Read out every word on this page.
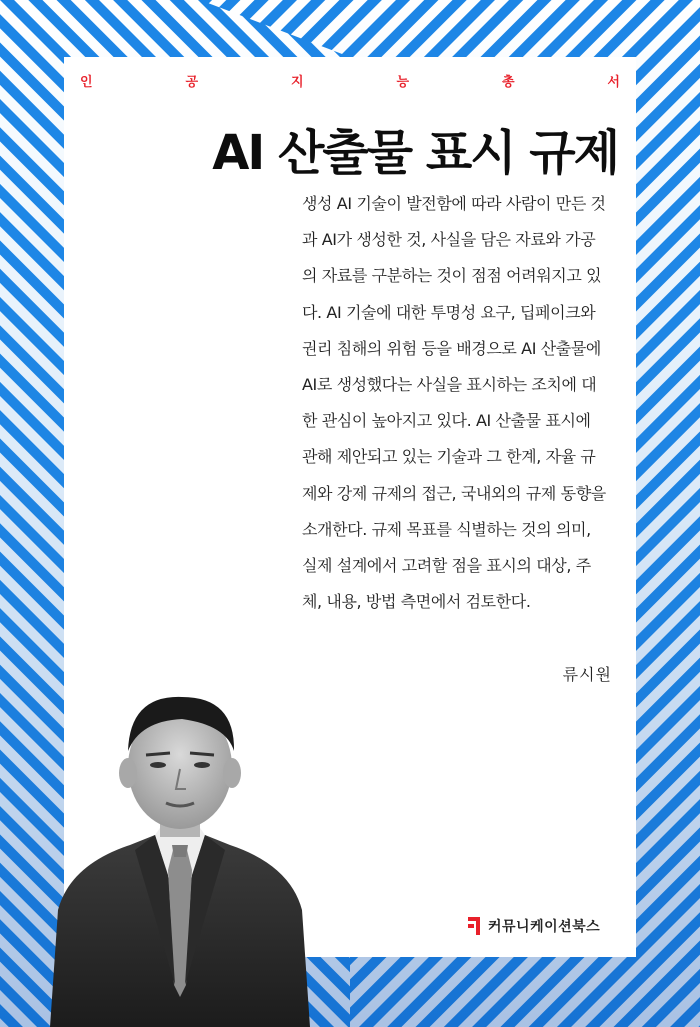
인	공	지	능	총	서
AI 산출물 표시 규제
생성 AI 기술이 발전함에 따라 사람이 만든 것
과 AI가 생성한 것, 사실을 담은 자료와 가공
의 자료를 구분하는 것이 점점 어려워지고 있
다. AI 기술에 대한 투명성 요구, 딥페이크와
권리 침해의 위험 등을 배경으로 AI 산출물에
AI로 생성했다는 사실을 표시하는 조치에 대
한 관심이 높아지고 있다. AI 산출물 표시에
관해 제안되고 있는 기술과 그 한계, 자율 규
제와 강제 규제의 접근, 국내외의 규제 동향을
소개한다. 규제 목표를 식별하는 것의 의미,
실제 설계에서 고려할 점을 표시의 대상, 주
체, 내용, 방법 측면에서 검토한다.
류시원
커뮤니케이션북스
